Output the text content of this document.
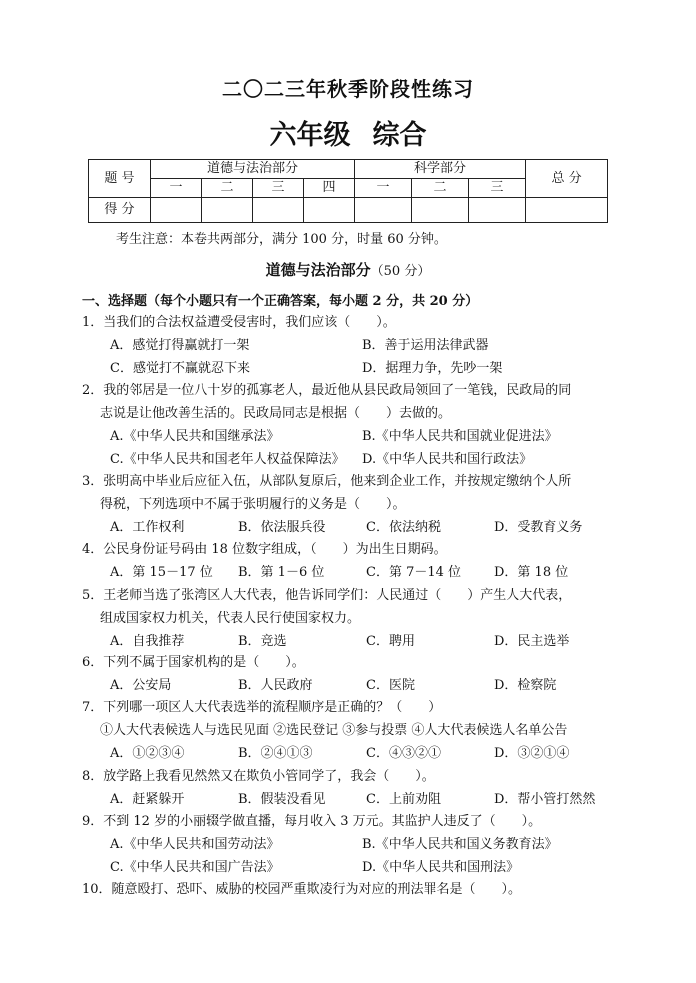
二〇二三年秋季阶段性练习
六年级 综合
题 号	道德与法治部分				科学部分			总 分
	一	二	三	四	一	二	三	
得 分								
考生注意：本卷共两部分，满分 100 分，时量 60 分钟。
道德与法治部分（50 分）
一、选择题（每个小题只有一个正确答案，每小题 2 分，共 20 分）
1．当我们的合法权益遭受侵害时，我们应该（　　）。
A．感觉打得赢就打一架	B．善于运用法律武器
C．感觉打不赢就忍下来	D．据理力争，先吵一架
2．我的邻居是一位八十岁的孤寡老人，最近他从县民政局领回了一笔钱，民政局的同
志说是让他改善生活的。民政局同志是根据（　　）去做的。
A.《中华人民共和国继承法》	B.《中华人民共和国就业促进法》
C.《中华人民共和国老年人权益保障法》	D.《中华人民共和国行政法》
3．张明高中毕业后应征入伍，从部队复原后，他来到企业工作，并按规定缴纳个人所
得税，下列选项中不属于张明履行的义务是（　　）。
A．工作权利	B．依法服兵役	C．依法纳税	D．受教育义务
4．公民身份证号码由 18 位数字组成，（　　）为出生日期码。
A．第 15－17 位	B．第 1－6 位	C．第 7－14 位	D．第 18 位
5．王老师当选了张湾区人大代表，他告诉同学们：人民通过（　　）产生人大代表，
组成国家权力机关，代表人民行使国家权力。
A．自我推荐	B．竞选	C．聘用	D．民主选举
6．下列不属于国家机构的是（　　）。
A．公安局	B．人民政府	C．医院	D．检察院
7．下列哪一项区人大代表选举的流程顺序是正确的？（　　）
①人大代表候选人与选民见面 ②选民登记 ③参与投票 ④人大代表候选人名单公告
A．①②③④	B．②④①③	C．④③②①	D．③②①④
8．放学路上我看见然然又在欺负小管同学了，我会（　　）。
A．赶紧躲开	B．假装没看见	C．上前劝阻	D．帮小管打然然
9．不到 12 岁的小丽辍学做直播，每月收入 3 万元。其监护人违反了（　　）。
A.《中华人民共和国劳动法》	B.《中华人民共和国义务教育法》
C.《中华人民共和国广告法》	D.《中华人民共和国刑法》
10．随意殴打、恐吓、威胁的校园严重欺凌行为对应的刑法罪名是（　　）。
